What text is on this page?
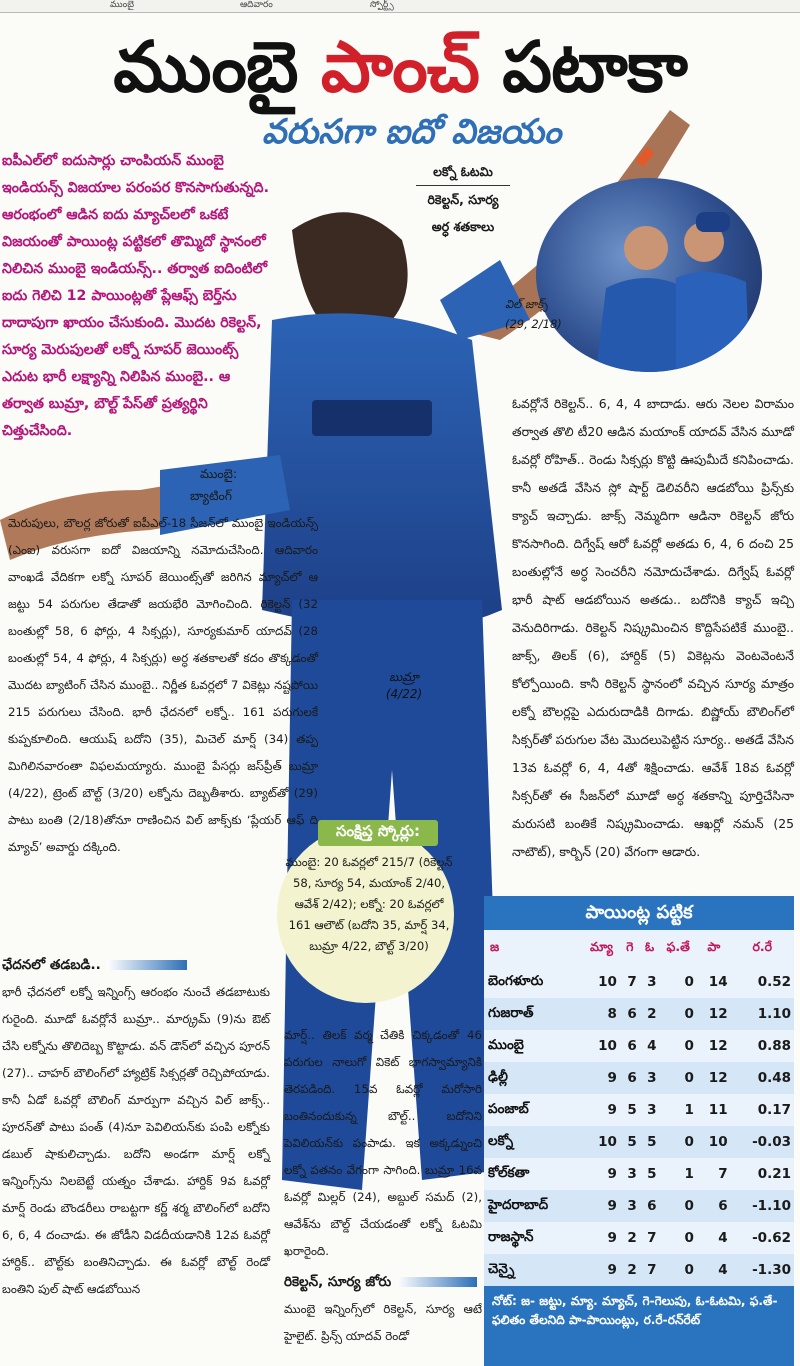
ముంబై	ఆదివారం	స్పోర్ట్స్
ముంబై పాంచ్ పటాకా
వరుసగా ఐదో విజయం
ఐపీఎల్‌లో ఐదుసార్లు చాంపియన్ ముంబై ఇండియన్స్ విజయాల పరంపర కొనసాగుతున్నది. ఆరంభంలో ఆడిన ఐదు మ్యాచ్‌లలో ఒకటే విజయంతో పాయింట్ల పట్టికలో తొమ్మిదో స్థానంలో నిలిచిన ముంబై ఇండియన్స్.. తర్వాత ఐదింటిలో ఐదు గెలిచి 12 పాయింట్లతో ప్లేఆఫ్స్ బెర్త్‌ను దాదాపుగా ఖాయం చేసుకుంది. మొదట రికెల్టన్, సూర్య మెరుపులతో లక్నో సూపర్ జెయింట్స్ ఎదుట భారీ లక్ష్యాన్ని నిలిపిన ముంబై.. ఆ తర్వాత బుమ్రా, బౌల్ట్ పేస్‌తో ప్రత్యర్థిని చిత్తుచేసింది.
బుమ్రా
(4/22)
విల్ జాక్స్
(29, 2/18)
లక్నో ఓటమి
రికెల్టన్, సూర్య
అర్ధ శతకాలు
ఓవర్లోనే రికెల్టన్.. 6, 4, 4 బాదాడు. ఆరు నెలల విరామం తర్వాత తొలి టీ20 ఆడిన మయాంక్ యాదవ్ వేసిన మూడో ఓవర్లో రోహిత్.. రెండు సిక్సర్లు కొట్టి ఊపుమీదే కనిపించాడు. కానీ అతడే వేసిన స్లో షార్ట్ డెలివరీని ఆడబోయి ప్రిన్స్‌కు క్యాచ్ ఇచ్చాడు. జాక్స్ నెమ్మదిగా ఆడినా రికెల్టన్ జోరు కొనసాగింది. దిగ్వేష్ ఆరో ఓవర్లో అతడు 6, 4, 6 దంచి 25 బంతుల్లోనే అర్ధ సెంచరీని నమోదుచేశాడు. దిగ్వేష్ ఓవర్లో భారీ షాట్ ఆడబోయిన అతడు.. బదోనికి క్యాచ్ ఇచ్చి వెనుదిరిగాడు. రికెల్టన్ నిష్క్రమించిన కొద్దిసేపటికే ముంబై.. జాక్స్, తిలక్ (6), హార్దిక్ (5) వికెట్లను వెంటవెంటనే కోల్పోయింది. కానీ రికెల్టన్ స్థానంలో వచ్చిన సూర్య మాత్రం లక్నో బౌలర్లపై ఎదురుదాడికి దిగాడు. బిష్ణోయ్ బౌలింగ్‌లో సిక్సర్‌తో పరుగుల వేట మొదలుపెట్టిన సూర్య.. అతడే వేసిన 13వ ఓవర్లో 6, 4, 4తో శిక్షించాడు. ఆవేశ్ 18వ ఓవర్లో సిక్సర్‌తో ఈ సీజన్‌లో మూడో అర్ధ శతకాన్ని పూర్తిచేసినా మరుసటి బంతికే నిష్క్రమించాడు. ఆఖర్లో నమన్ (25 నాటౌట్), కార్బిన్ (20) వేగంగా ఆడారు.
ముంబై:
బ్యాటింగ్
మెరుపులు, బౌలర్ల జోరుతో ఐపీఎల్-18 సీజన్‌లో ముంబై ఇండియన్స్ (ఎంఐ) వరుసగా ఐదో విజయాన్ని నమోదుచేసింది. ఆదివారం వాంఖడే వేదికగా లక్నో సూపర్ జెయింట్స్‌తో జరిగిన మ్యాచ్‌లో ఆ జట్టు 54 పరుగుల తేడాతో జయభేరి మోగించింది. రికెల్టన్ (32 బంతుల్లో 58, 6 ఫోర్లు, 4 సిక్సర్లు), సూర్యకుమార్ యాదవ్ (28 బంతుల్లో 54, 4 ఫోర్లు, 4 సిక్సర్లు) అర్ధ శతకాలతో కదం తొక్కడంతో మొదట బ్యాటింగ్ చేసిన ముంబై.. నిర్ణీత ఓవర్లలో 7 వికెట్లు నష్టపోయి 215 పరుగులు చేసింది. భారీ ఛేదనలో లక్నో.. 161 పరుగులకే కుప్పకూలింది. ఆయుష్ బదోని (35), మిచెల్ మార్ష్ (34) తప్ప మిగిలినవారంతా విఫలమయ్యారు. ముంబై పేసర్లు జస్‌ప్రీత్ బుమ్రా (4/22), ట్రెంట్ బౌల్ట్ (3/20) లక్నోను దెబ్బతీశారు. బ్యాట్‌తో (29) పాటు బంతి (2/18)తోనూ రాణించిన విల్ జాక్స్‌కు ‘ప్లేయర్ ఆఫ్ ది మ్యాచ్’ అవార్డు దక్కింది.
సంక్షిప్త స్కోర్లు:
ముంబై: 20 ఓవర్లలో 215/7 (రికెల్టన్ 58, సూర్య 54, మయాంక్ 2/40, ఆవేశ్ 2/42); లక్నో: 20 ఓవర్లలో 161 ఆలౌట్ (బదోని 35, మార్ష్ 34, బుమ్రా 4/22, బౌల్ట్ 3/20)
ఛేదనలో తడబడి..
భారీ ఛేదనలో లక్నో ఇన్నింగ్స్ ఆరంభం నుంచే తడబాటుకు గురైంది. మూడో ఓవర్లోనే బుమ్రా.. మార్క్రమ్ (9)ను ఔట్ చేసి లక్నోను తొలిదెబ్బ కొట్టాడు. వన్ డౌన్‌లో వచ్చిన పూరన్ (27).. చాహర్ బౌలింగ్‌లో హ్యాట్రిక్ సిక్సర్లతో రెచ్చిపోయాడు. కానీ ఏడో ఓవర్లో బౌలింగ్ మార్పుగా వచ్చిన విల్ జాక్స్.. పూరన్‌తో పాటు పంత్ (4)నూ పెవిలియన్‌కు పంపి లక్నోకు డబుల్ షాకులిచ్చాడు. బదోని అండగా మార్ష్ లక్నో ఇన్నింగ్స్‌ను నిలబెట్టే యత్నం చేశాడు. హార్దిక్ 9వ ఓవర్లో మార్ష్ రెండు బౌండరీలు రాబట్టగా కర్ణ్ శర్మ బౌలింగ్‌లో బదోని 6, 6, 4 దంచాడు. ఈ జోడీని విడదీయడానికి 12వ ఓవర్లో హార్దిక్.. బౌల్ట్‌కు బంతినిచ్చాడు. ఈ ఓవర్లో బౌల్ట్ రెండో బంతిని పుల్ షాట్ ఆడబోయిన
మార్ష్.. తిలక్ వర్మ చేతికి చిక్కడంతో 46 పరుగుల నాలుగో వికెట్ భాగస్వామ్యానికి తెరపడింది. 15వ ఓవర్లో మరోసారి బంతినందుకున్న బౌల్ట్.. బదోనిని పెవిలియన్‌కు పంపాడు. ఇక అక్కడ్నుంచి లక్నో పతనం వేగంగా సాగింది. బుమ్రా 16వ ఓవర్లో మిల్లర్ (24), అబ్దుల్ సమద్ (2), ఆవేశ్‌ను బౌల్డ్ చేయడంతో లక్నో ఓటమి ఖరారైంది.
రికెల్టన్, సూర్య జోరు
ముంబై ఇన్నింగ్స్‌లో రికెల్టన్, సూర్య ఆటే హైలైట్. ప్రిన్స్ యాదవ్ రెండో
పాయింట్ల పట్టిక
జ	మ్యా	గె	ఓ	ఫ.తే	పా	ర.రే
బెంగళూరు	10	7	3	0	14	0.52
గుజరాత్	8	6	2	0	12	1.10
ముంబై	10	6	4	0	12	0.88
ఢిల్లీ	9	6	3	0	12	0.48
పంజాబ్	9	5	3	1	11	0.17
లక్నో	10	5	5	0	10	-0.03
కోల్‌కతా	9	3	5	1	7	0.21
హైదరాబాద్	9	3	6	0	6	-1.10
రాజస్థాన్	9	2	7	0	4	-0.62
చెన్నై	9	2	7	0	4	-1.30
నోట్: జ- జట్టు, మ్యా. మ్యాచ్, గె-గెలుపు, ఓ-ఓటమి, ఫ.తే-ఫలితం తేలనిది పా-పాయింట్లు, ర.రే-రన్‌రేట్
